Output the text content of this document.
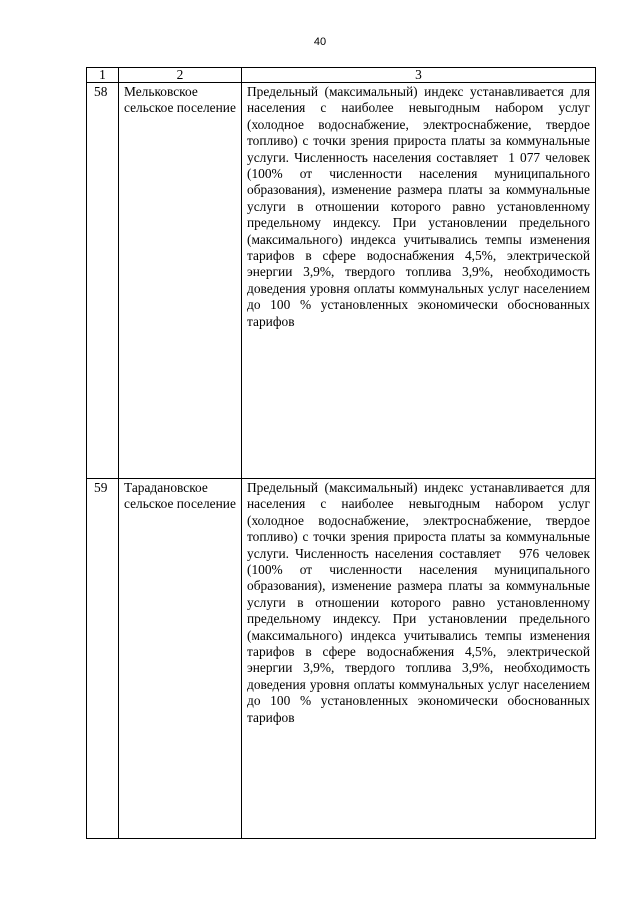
40
1	2	3
58	Мельковское сельское поселение	Предельный (максимальный) индекс устанавливается для населения с наиболее невыгодным набором услуг (холодное водоснабжение, электроснабжение, твердое топливо) с точки зрения прироста платы за коммунальные услуги. Численность населения составляет  1 077 человек (100% от численности населения муниципального образования), изменение размера платы за коммунальные услуги в отношении которого равно установленному предельному индексу. При установлении предельного (максимального) индекса учитывались темпы изменения тарифов в сфере водоснабжения 4,5%, электрической энергии 3,9%, твердого топлива 3,9%, необходимость доведения уровня оплаты коммунальных услуг населением до 100 % установленных экономически обоснованных тарифов
59	Тарадановское сельское поселение	Предельный (максимальный) индекс устанавливается для населения с наиболее невыгодным набором услуг (холодное водоснабжение, электроснабжение, твердое топливо) с точки зрения прироста платы за коммунальные услуги. Численность населения составляет   976 человек (100% от численности населения муниципального образования), изменение размера платы за коммунальные услуги в отношении которого равно установленному предельному индексу. При установлении предельного (максимального) индекса учитывались темпы изменения тарифов в сфере водоснабжения 4,5%, электрической энергии 3,9%, твердого топлива 3,9%, необходимость доведения уровня оплаты коммунальных услуг населением до 100 % установленных экономически обоснованных тарифов
